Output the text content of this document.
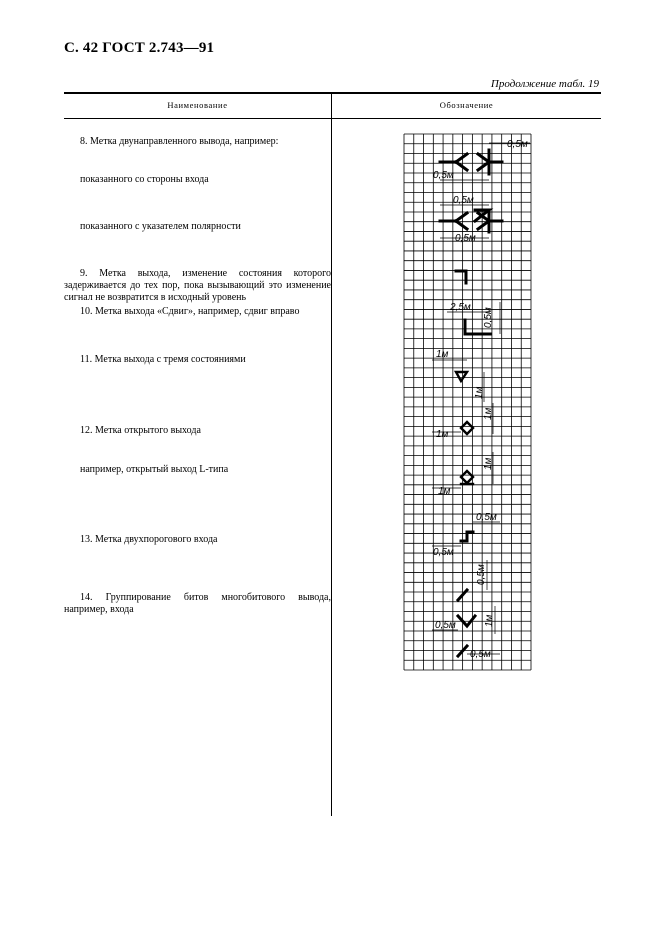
С. 42 ГОСТ 2.743—91
Продолжение табл. 19
Наименование	Обозначение
8. Метка двунаправленного вывода, например:
показанного со стороны входа
показанного с указателем полярности
9. Метка выхода, изменение состояния которого задерживается до тех пор, пока вызывающий это изменение сигнал не возвратится в исходный уровень
10. Метка выхода «Сдвиг», например, сдвиг вправо
11. Метка выхода с тремя состояниями
12. Метка открытого выхода
например, открытый выход L-типа
13. Метка двухпорогового входа
14. Группирование битов многобитового вывода, например, входа
0,5м
0,5м
0,5м
0,5м
2,5м 0,5м
1м
1м
1м
1м
1м
1м
0,5м
0,5м
0,5м
1м
0,5м
0,5м
